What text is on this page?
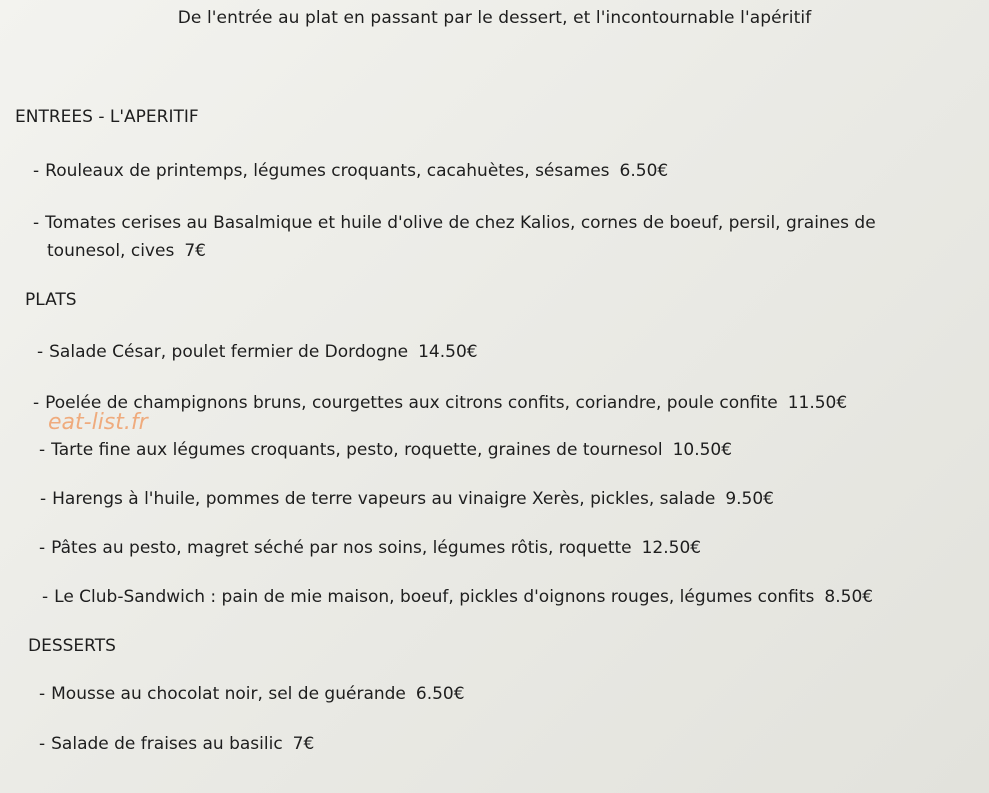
De l'entrée au plat en passant par le dessert, et l'incontournable l'apéritif
ENTREES - L'APERITIF
- Rouleaux de printemps, légumes croquants, cacahuètes, sésames 6.50€
- Tomates cerises au Basalmique et huile d'olive de chez Kalios, cornes de boeuf, persil, graines de
tounesol, cives 7€
PLATS
- Salade César, poulet fermier de Dordogne 14.50€
- Poelée de champignons bruns, courgettes aux citrons confits, coriandre, poule confite 11.50€
- Tarte fine aux légumes croquants, pesto, roquette, graines de tournesol 10.50€
- Harengs à l'huile, pommes de terre vapeurs au vinaigre Xerès, pickles, salade 9.50€
- Pâtes au pesto, magret séché par nos soins, légumes rôtis, roquette 12.50€
- Le Club-Sandwich : pain de mie maison, boeuf, pickles d'oignons rouges, légumes confits 8.50€
DESSERTS
- Mousse au chocolat noir, sel de guérande 6.50€
- Salade de fraises au basilic 7€
eat-list.fr
